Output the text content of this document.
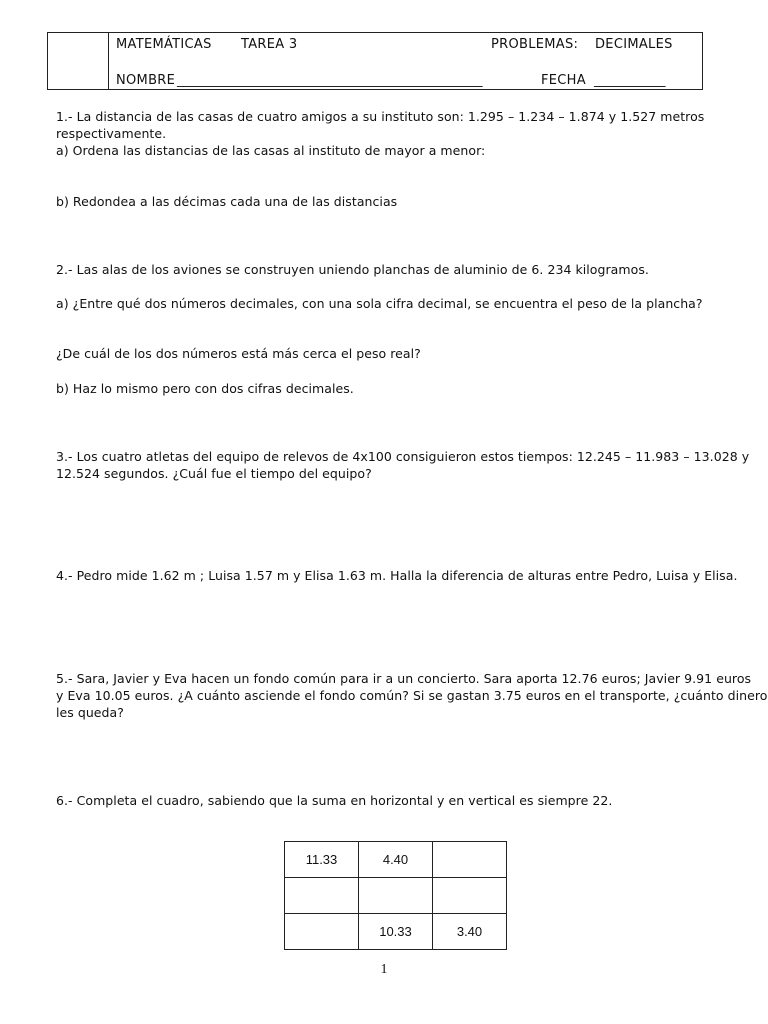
MATEMÁTICAS TAREA 3	PROBLEMAS: DECIMALES
NOMBRE _______________________________________________	FECHA ___________
1.- La distancia de las casas de cuatro amigos a su instituto son: 1.295 – 1.234 – 1.874 y 1.527 metros
respectivamente.
a) Ordena las distancias de las casas al instituto de mayor a menor:
b) Redondea a las décimas cada una de las distancias
2.- Las alas de los aviones se construyen uniendo planchas de aluminio de 6. 234 kilogramos.
a) ¿Entre qué dos números decimales, con una sola cifra decimal, se encuentra el peso de la plancha?
¿De cuál de los dos números está más cerca el peso real?
b) Haz lo mismo pero con dos cifras decimales.
3.- Los cuatro atletas del equipo de relevos de 4x100 consiguieron estos tiempos: 12.245 – 11.983 – 13.028 y
12.524 segundos. ¿Cuál fue el tiempo del equipo?
4.- Pedro mide 1.62 m ; Luisa 1.57 m y Elisa 1.63 m. Halla la diferencia de alturas entre Pedro, Luisa y Elisa.
5.- Sara, Javier y Eva hacen un fondo común para ir a un concierto. Sara aporta 12.76 euros; Javier 9.91 euros
y Eva 10.05 euros. ¿A cuánto asciende el fondo común? Si se gastan 3.75 euros en el transporte, ¿cuánto dinero
les queda?
6.- Completa el cuadro, sabiendo que la suma en horizontal y en vertical es siempre 22.
11.33	4.40	

	10.33	3.40
1
